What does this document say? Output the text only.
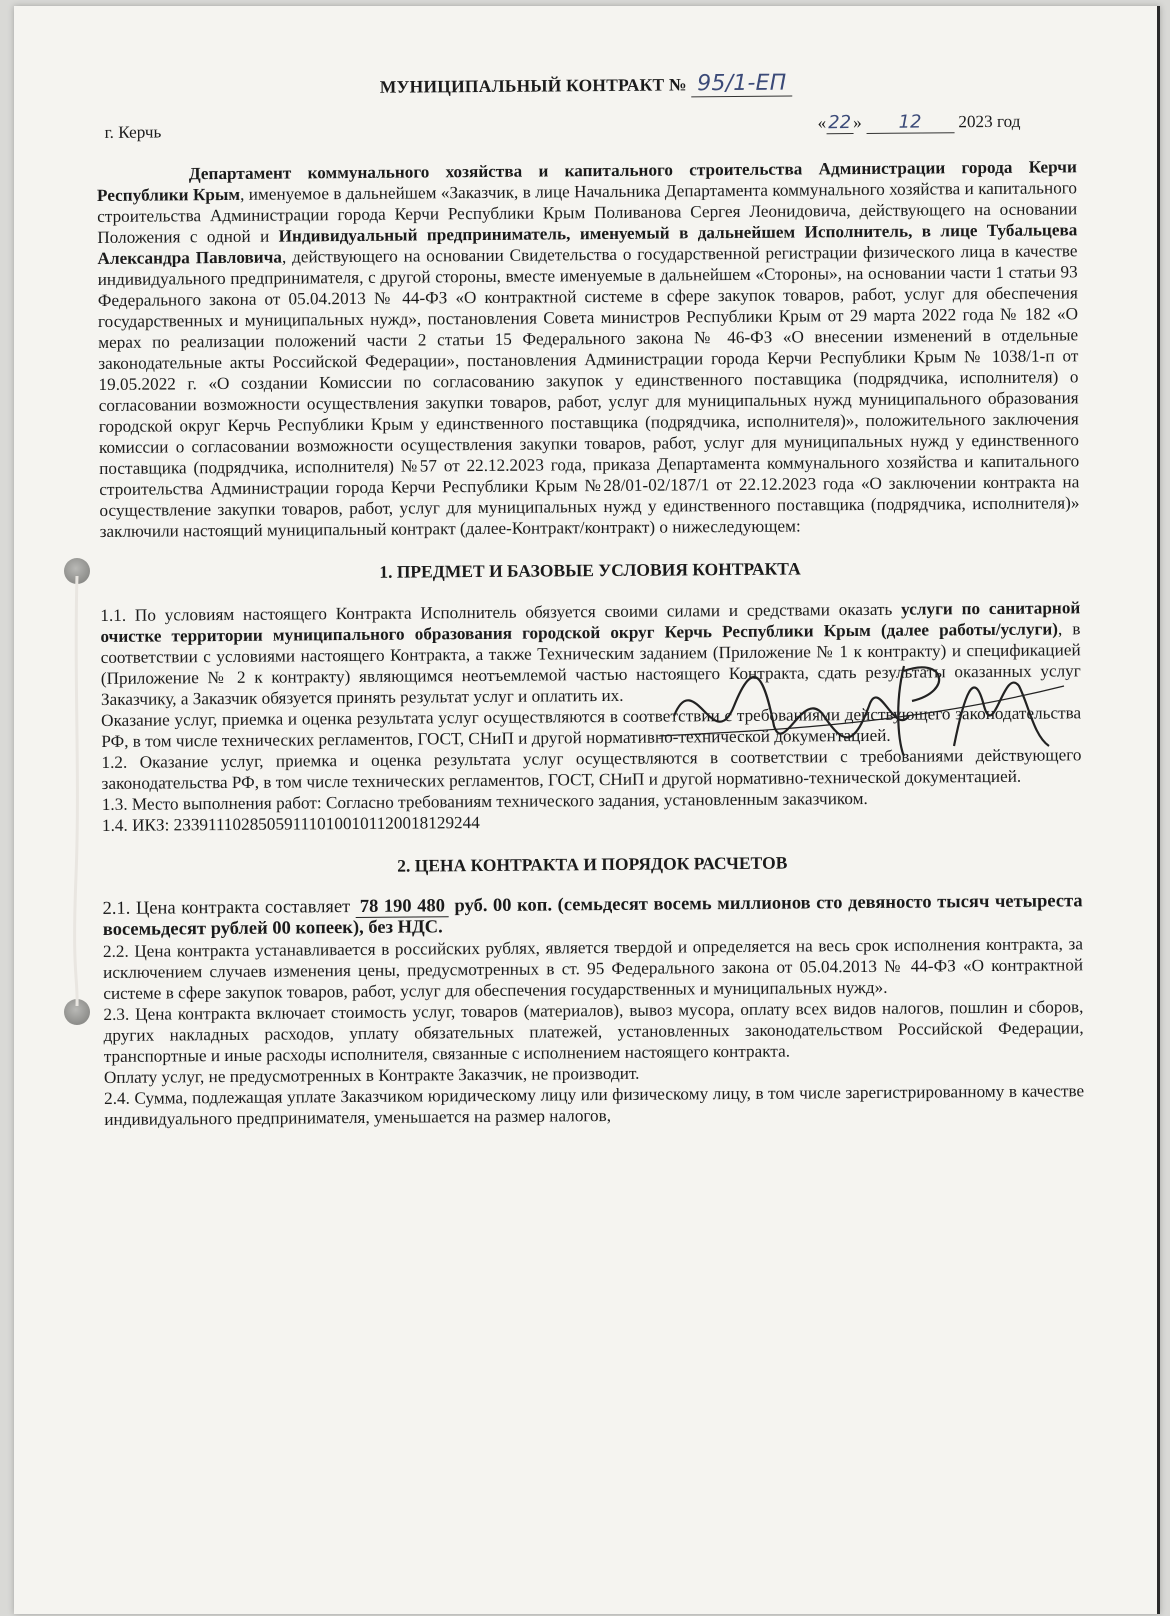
МУНИЦИПАЛЬНЫЙ КОНТРАКТ № 95/1-ЕП
г. Керчь	« 22 » 12 2023 год

Департамент коммунального хозяйства и капитального строительства Администрации города Керчи Республики Крым, именуемое в дальнейшем «Заказчик, в лице Начальника Департамента коммунального хозяйства и капитального строительства Администрации города Керчи Республики Крым Поливанова Сергея Леонидовича, действующего на основании Положения с одной и Индивидуальный предприниматель, именуемый в дальнейшем Исполнитель, в лице Тубальцева Александра Павловича, действующего на основании Свидетельства о государственной регистрации физического лица в качестве индивидуального предпринимателя, с другой стороны, вместе именуемые в дальнейшем «Стороны», на основании части 1 статьи 93 Федерального закона от 05.04.2013 № 44-ФЗ «О контрактной системе в сфере закупок товаров, работ, услуг для обеспечения государственных и муниципальных нужд», постановления Совета министров Республики Крым от 29 марта 2022 года № 182 «О мерах по реализации положений части 2 статьи 15 Федерального закона № 46-ФЗ «О внесении изменений в отдельные законодательные акты Российской Федерации», постановления Администрации города Керчи Республики Крым № 1038/1-п от 19.05.2022 г. «О создании Комиссии по согласованию закупок у единственного поставщика (подрядчика, исполнителя) о согласовании возможности осуществления закупки товаров, работ, услуг для муниципальных нужд муниципального образования городской округ Керчь Республики Крым у единственного поставщика (подрядчика, исполнителя)», положительного заключения комиссии о согласовании возможности осуществления закупки товаров, работ, услуг для муниципальных нужд у единственного поставщика (подрядчика, исполнителя) №57 от 22.12.2023 года, приказа Департамента коммунального хозяйства и капитального строительства Администрации города Керчи Республики Крым №28/01-02/187/1 от 22.12.2023 года «О заключении контракта на осуществление закупки товаров, работ, услуг для муниципальных нужд у единственного поставщика (подрядчика, исполнителя)» заключили настоящий муниципальный контракт (далее-Контракт/контракт) о нижеследующем:

1. ПРЕДМЕТ И БАЗОВЫЕ УСЛОВИЯ КОНТРАКТА

1.1. По условиям настоящего Контракта Исполнитель обязуется своими силами и средствами оказать услуги по санитарной очистке территории муниципального образования городской округ Керчь Республики Крым (далее работы/услуги), в соответствии с условиями настоящего Контракта, а также Техническим заданием (Приложение № 1 к контракту) и спецификацией (Приложение № 2 к контракту) являющимся неотъемлемой частью настоящего Контракта, сдать результаты оказанных услуг Заказчику, а Заказчик обязуется принять результат услуг и оплатить их.

Оказание услуг, приемка и оценка результата услуг осуществляются в соответствии с требованиями действующего законодательства РФ, в том числе технических регламентов, ГОСТ, СНиП и другой нормативно-технической документацией.

1.2. Оказание услуг, приемка и оценка результата услуг осуществляются в соответствии с требованиями действующего законодательства РФ, в том числе технических регламентов, ГОСТ, СНиП и другой нормативно-технической документацией.

1.3. Место выполнения работ: Согласно требованиям технического задания, установленным заказчиком.

1.4. ИКЗ: 233911102850591110100101120018129244

2. ЦЕНА КОНТРАКТА И ПОРЯДОК РАСЧЕТОВ

2.1. Цена контракта составляет 78 190 480 руб. 00 коп. (семьдесят восемь миллионов сто девяносто тысяч четыреста восемьдесят рублей 00 копеек), без НДС.

2.2. Цена контракта устанавливается в российских рублях, является твердой и определяется на весь срок исполнения контракта, за исключением случаев изменения цены, предусмотренных в ст. 95 Федерального закона от 05.04.2013 № 44-ФЗ «О контрактной системе в сфере закупок товаров, работ, услуг для обеспечения государственных и муниципальных нужд».

2.3. Цена контракта включает стоимость услуг, товаров (материалов), вывоз мусора, оплату всех видов налогов, пошлин и сборов, других накладных расходов, уплату обязательных платежей, установленных законодательством Российской Федерации, транспортные и иные расходы исполнителя, связанные с исполнением настоящего контракта.

Оплату услуг, не предусмотренных в Контракте Заказчик, не производит.

2.4. Сумма, подлежащая уплате Заказчиком юридическому лицу или физическому лицу, в том числе зарегистрированному в качестве индивидуального предпринимателя, уменьшается на размер налогов,
